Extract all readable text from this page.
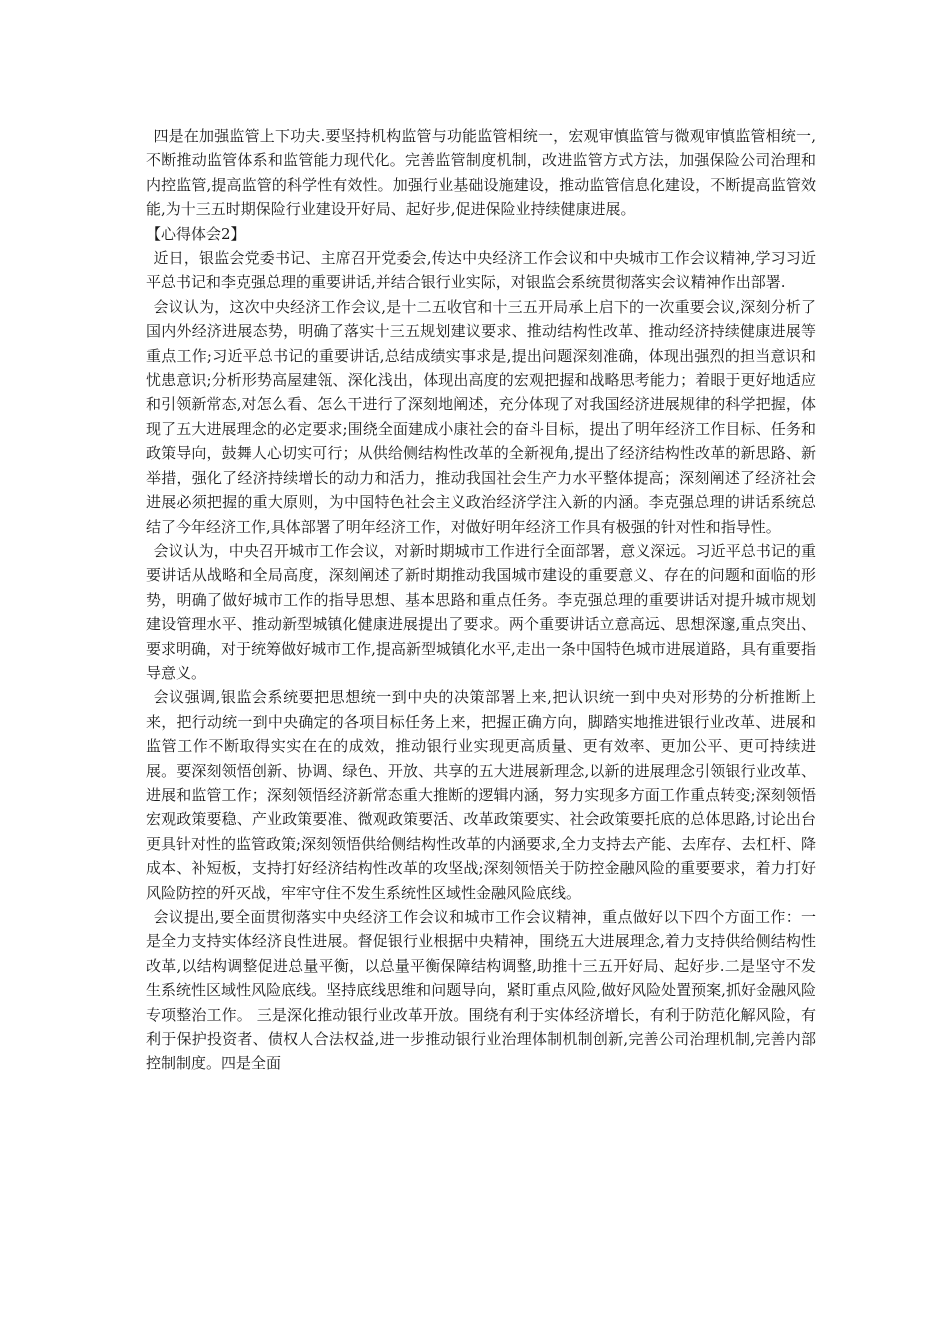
四是在加强监管上下功夫.要坚持机构监管与功能监管相统一，宏观审慎监管与微观审慎监管相统一,不断推动监管体系和监管能力现代化。完善监管制度机制，改进监管方式方法，加强保险公司治理和内控监管,提高监管的科学性有效性。加强行业基础设施建设，推动监管信息化建设，不断提高监管效能,为十三五时期保险行业建设开好局、起好步,促进保险业持续健康进展。

【心得体会2】

近日，银监会党委书记、主席召开党委会,传达中央经济工作会议和中央城市工作会议精神,学习习近平总书记和李克强总理的重要讲话,并结合银行业实际，对银监会系统贯彻落实会议精神作出部署.

会议认为，这次中央经济工作会议,是十二五收官和十三五开局承上启下的一次重要会议,深刻分析了国内外经济进展态势，明确了落实十三五规划建议要求、推动结构性改革、推动经济持续健康进展等重点工作;习近平总书记的重要讲话,总结成绩实事求是,提出问题深刻准确，体现出强烈的担当意识和忧患意识;分析形势高屋建瓴、深化浅出，体现出高度的宏观把握和战略思考能力；着眼于更好地适应和引领新常态,对怎么看、怎么干进行了深刻地阐述，充分体现了对我国经济进展规律的科学把握，体现了五大进展理念的必定要求;围绕全面建成小康社会的奋斗目标，提出了明年经济工作目标、任务和政策导向，鼓舞人心切实可行；从供给侧结构性改革的全新视角,提出了经济结构性改革的新思路、新举措，强化了经济持续增长的动力和活力，推动我国社会生产力水平整体提高；深刻阐述了经济社会进展必须把握的重大原则，为中国特色社会主义政治经济学注入新的内涵。李克强总理的讲话系统总结了今年经济工作,具体部署了明年经济工作，对做好明年经济工作具有极强的针对性和指导性。

会议认为，中央召开城市工作会议，对新时期城市工作进行全面部署，意义深远。习近平总书记的重要讲话从战略和全局高度，深刻阐述了新时期推动我国城市建设的重要意义、存在的问题和面临的形势，明确了做好城市工作的指导思想、基本思路和重点任务。李克强总理的重要讲话对提升城市规划建设管理水平、推动新型城镇化健康进展提出了要求。两个重要讲话立意高远、思想深邃,重点突出、要求明确，对于统筹做好城市工作,提高新型城镇化水平,走出一条中国特色城市进展道路，具有重要指导意义。

会议强调,银监会系统要把思想统一到中央的决策部署上来,把认识统一到中央对形势的分析推断上来，把行动统一到中央确定的各项目标任务上来，把握正确方向，脚踏实地推进银行业改革、进展和监管工作不断取得实实在在的成效，推动银行业实现更高质量、更有效率、更加公平、更可持续进展。要深刻领悟创新、协调、绿色、开放、共享的五大进展新理念,以新的进展理念引领银行业改革、进展和监管工作；深刻领悟经济新常态重大推断的逻辑内涵，努力实现多方面工作重点转变;深刻领悟宏观政策要稳、产业政策要准、微观政策要活、改革政策要实、社会政策要托底的总体思路,讨论出台更具针对性的监管政策;深刻领悟供给侧结构性改革的内涵要求,全力支持去产能、去库存、去杠杆、降成本、补短板，支持打好经济结构性改革的攻坚战;深刻领悟关于防控金融风险的重要要求，着力打好风险防控的歼灭战，牢牢守住不发生系统性区域性金融风险底线。

会议提出,要全面贯彻落实中央经济工作会议和城市工作会议精神，重点做好以下四个方面工作：一是全力支持实体经济良性进展。督促银行业根据中央精神，围绕五大进展理念,着力支持供给侧结构性改革,以结构调整促进总量平衡，以总量平衡保障结构调整,助推十三五开好局、起好步.二是坚守不发生系统性区域性风险底线。坚持底线思维和问题导向，紧盯重点风险,做好风险处置预案,抓好金融风险专项整治工作。 三是深化推动银行业改革开放。围绕有利于实体经济增长，有利于防范化解风险，有利于保护投资者、债权人合法权益,进一步推动银行业治理体制机制创新,完善公司治理机制,完善内部控制制度。四是全面
